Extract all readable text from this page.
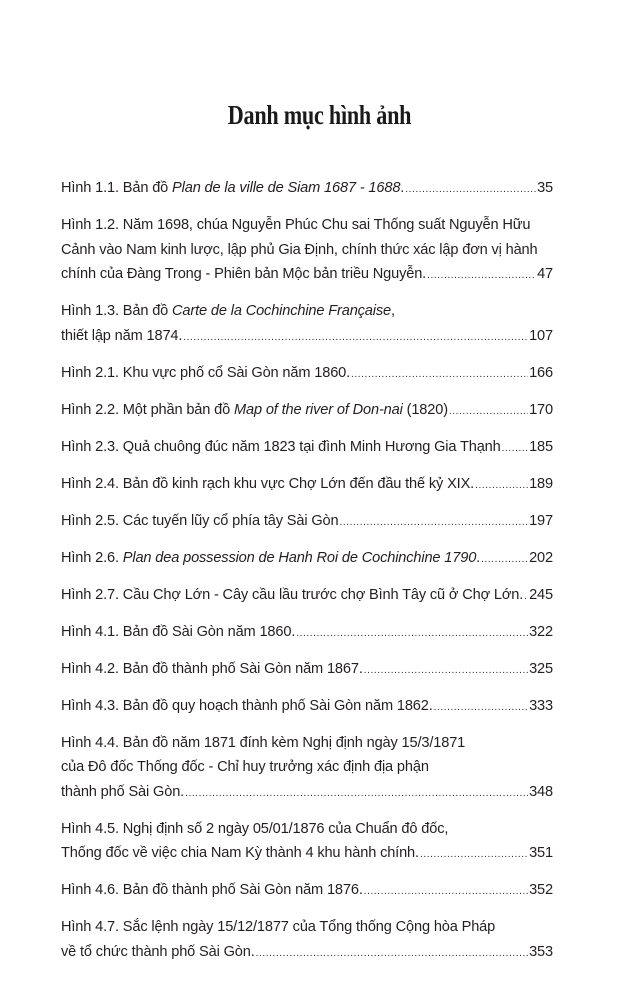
Danh mục hình ảnh
Hình 1.1. Bản đồ Plan de la ville de Siam 1687 - 1688. .....	35
Hình 1.2. Năm 1698, chúa Nguyễn Phúc Chu sai Thống suất Nguyễn Hữu
Cảnh vào Nam kinh lược, lập phủ Gia Định, chính thức xác lập đơn vị hành
chính của Đàng Trong - Phiên bản Mộc bản triều Nguyễn. .....	47
Hình 1.3. Bản đồ Carte de la Cochinchine Française,
thiết lập năm 1874. .....	107
Hình 2.1. Khu vực phố cổ Sài Gòn năm 1860. .....	166
Hình 2.2. Một phần bản đồ Map of the river of Don-nai (1820) .....	170
Hình 2.3. Quả chuông đúc năm 1823 tại đình Minh Hương Gia Thạnh ..... 185
Hình 2.4. Bản đồ kinh rạch khu vực Chợ Lớn đến đầu thế kỷ XIX. .....	189
Hình 2.5. Các tuyến lũy cổ phía tây Sài Gòn .....	197
Hình 2.6. Plan dea possession de Hanh Roi de Cochinchine 1790. .....	202
Hình 2.7. Cầu Chợ Lớn - Cây cầu lầu trước chợ Bình Tây cũ ở Chợ Lớn. ..... 245
Hình 4.1. Bản đồ Sài Gòn năm 1860. .....	322
Hình 4.2. Bản đồ thành phố Sài Gòn năm 1867. .....	325
Hình 4.3. Bản đồ quy hoạch thành phố Sài Gòn năm 1862. .....	333
Hình 4.4. Bản đồ năm 1871 đính kèm Nghị định ngày 15/3/1871
của Đô đốc Thống đốc - Chỉ huy trưởng xác định địa phận
thành phố Sài Gòn. .....	348
Hình 4.5. Nghị định số 2 ngày 05/01/1876 của Chuẩn đô đốc,
Thống đốc về việc chia Nam Kỳ thành 4 khu hành chính. .....	351
Hình 4.6. Bản đồ thành phố Sài Gòn năm 1876. .....	352
Hình 4.7. Sắc lệnh ngày 15/12/1877 của Tổng thống Cộng hòa Pháp
về tổ chức thành phố Sài Gòn. .....	353
